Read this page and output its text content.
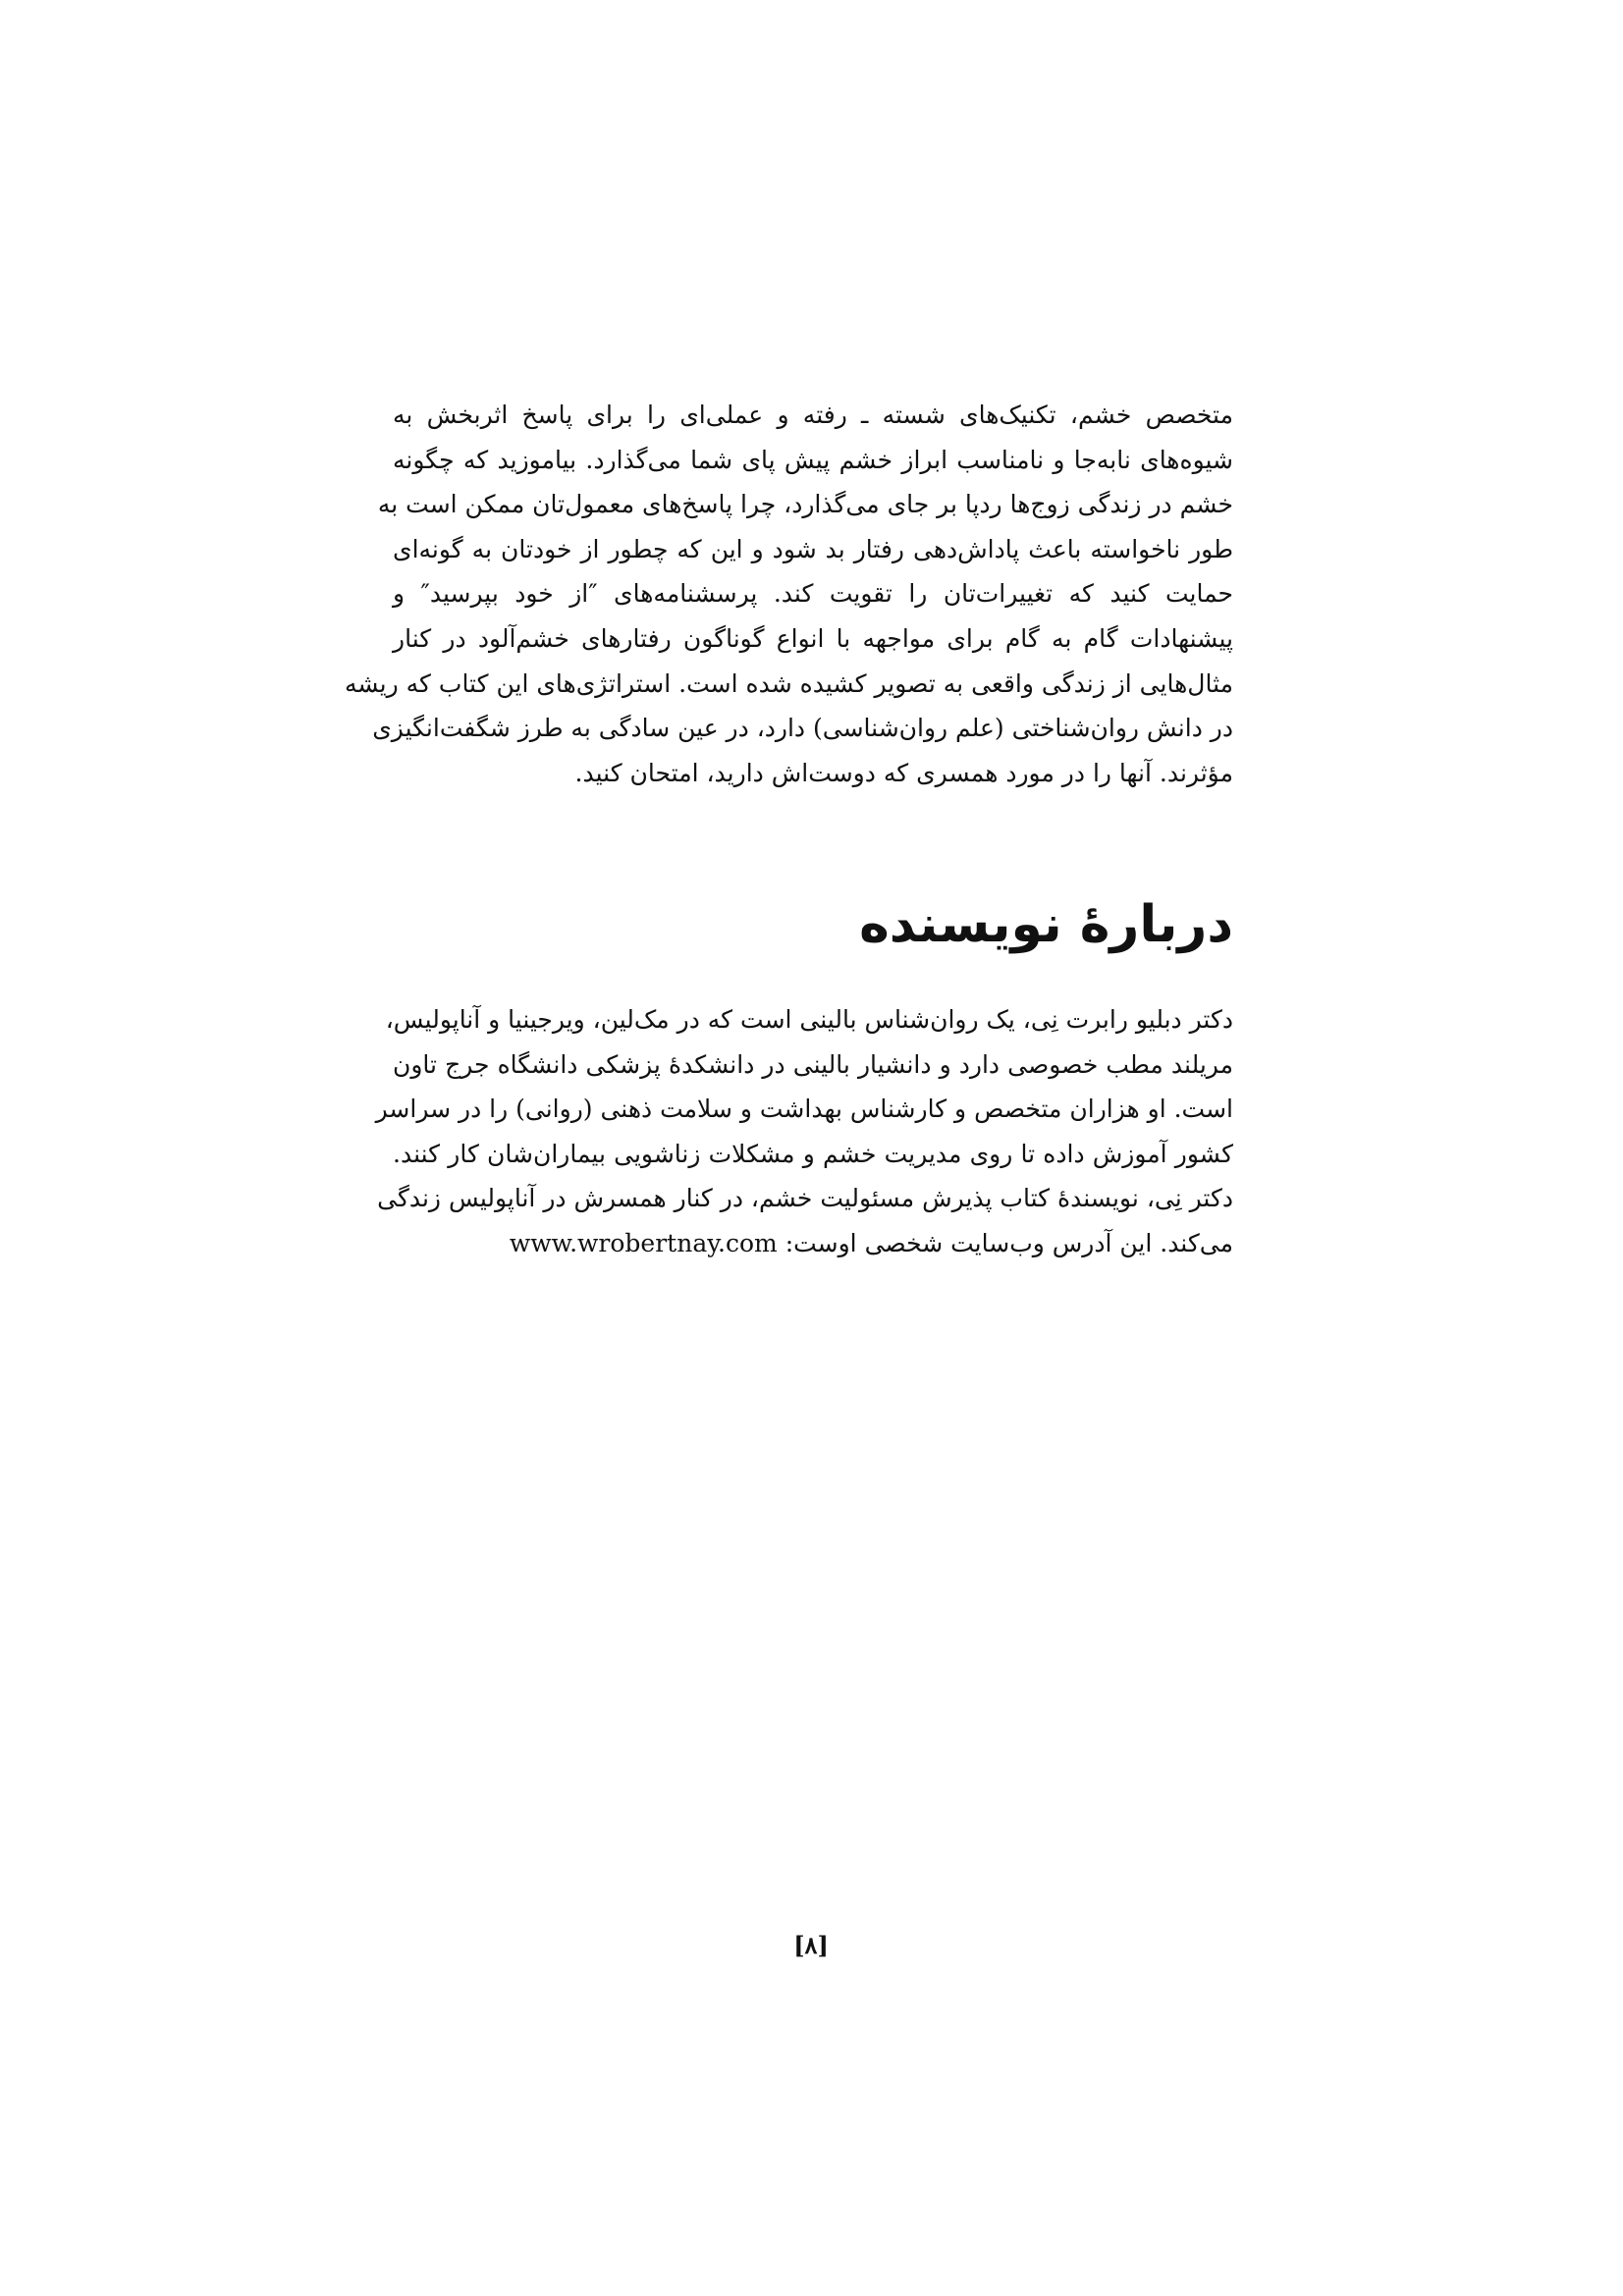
متخصص خشم، تکنیک‌های شسته ـ رفته و عملی‌ای را برای پاسخ اثربخش به
شیوه‌های نابه‌جا و نامناسب ابراز خشم پیش پای شما می‌گذارد. بیاموزید که چگونه
خشم در زندگی زوج‌ها ردپا بر جای می‌گذارد، چرا پاسخ‌های معمول‌تان ممکن است به
طور ناخواسته باعث پاداش‌دهی رفتار بد شود و این که چطور از خودتان به گونه‌ای
حمایت کنید که تغییرات‌تان را تقویت کند. پرسشنامه‌های ″از خود بپرسید″ و
پیشنهادات گام به گام برای مواجهه با انواع گوناگون رفتارهای خشم‌آلود در کنار
مثال‌هایی از زندگی واقعی به تصویر کشیده شده است. استراتژی‌های این کتاب که ریشه
در دانش روان‌شناختی (علم روان‌شناسی) دارد، در عین سادگی به طرز شگفت‌انگیزی
مؤثرند. آنها را در مورد همسری که دوست‌اش دارید، امتحان کنید.
دربارهٔ نویسنده
دکتر دبلیو رابرت نِی، یک روان‌شناس بالینی است که در مک‌لین، ویرجینیا و آناپولیس،
مریلند مطب خصوصی دارد و دانشیار بالینی در دانشکدهٔ پزشکی دانشگاه جرج تاون
است. او هزاران متخصص و کارشناس بهداشت و سلامت ذهنی (روانی) را در سراسر
کشور آموزش داده تا روی مدیریت خشم و مشکلات زناشویی بیماران‌شان کار کنند.
دکتر نِی، نویسندهٔ کتاب پذیرش مسئولیت خشم، در کنار همسرش در آناپولیس زندگی
می‌کند. این آدرس وب‌سایت شخصی اوست: www.wrobertnay.com
[۸]
